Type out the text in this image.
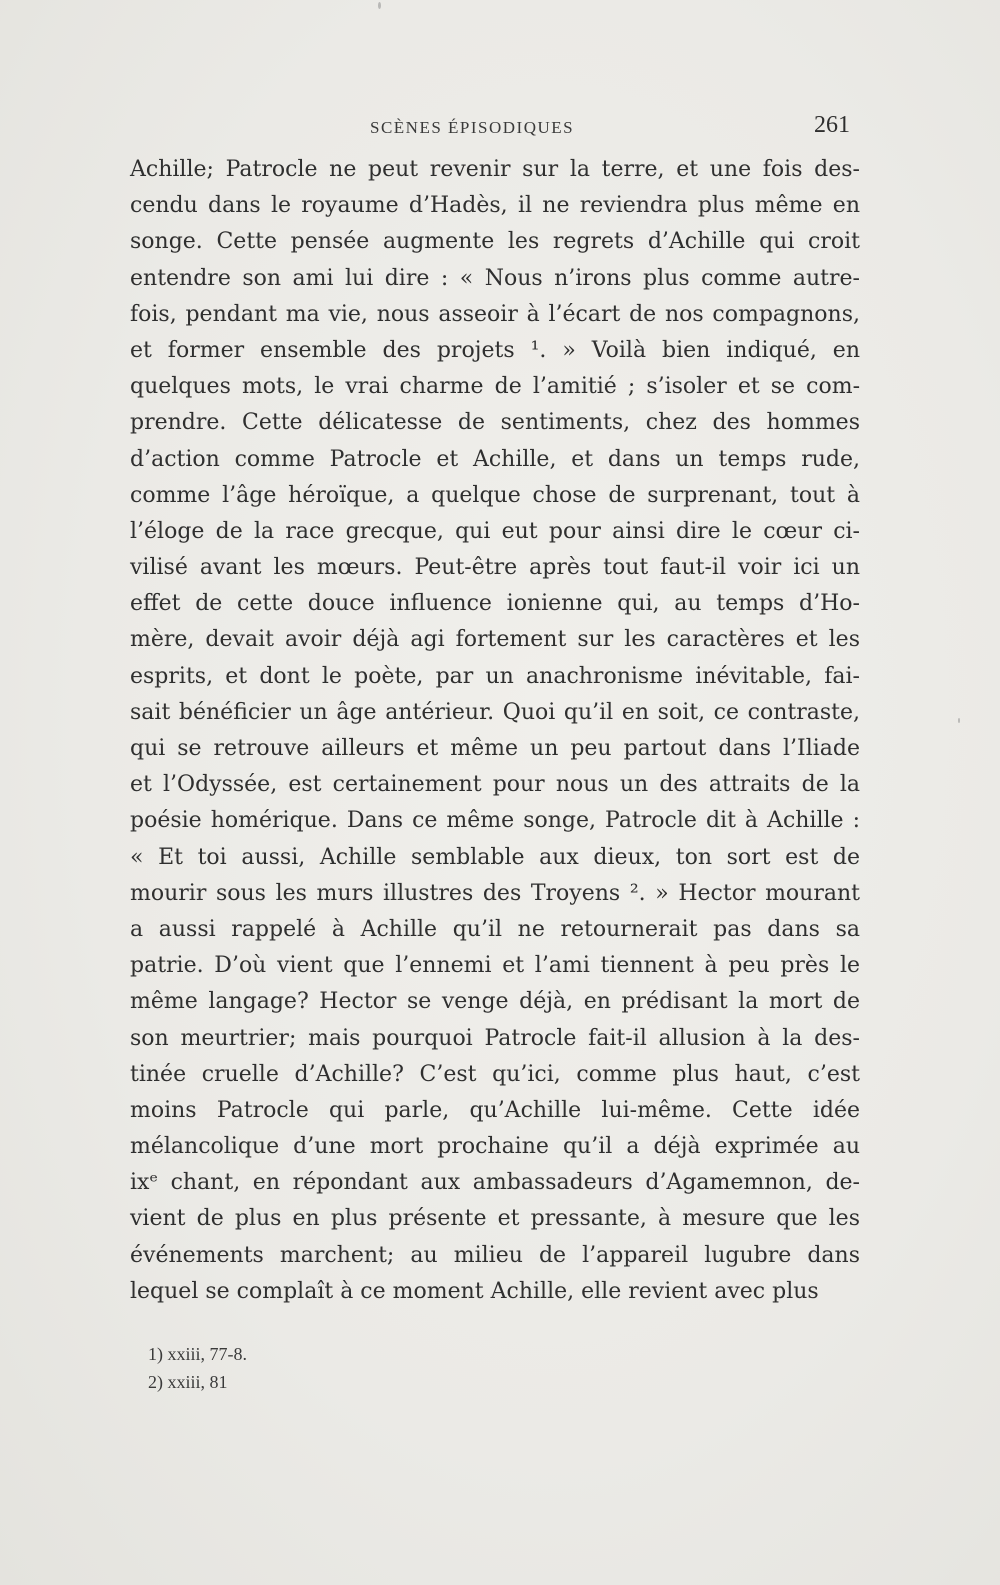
SCÈNES ÉPISODIQUES	261
Achille; Patrocle ne peut revenir sur la terre, et une fois des-
cendu dans le royaume d’Hadès, il ne reviendra plus même en
songe. Cette pensée augmente les regrets d’Achille qui croit
entendre son ami lui dire : « Nous n’irons plus comme autre-
fois, pendant ma vie, nous asseoir à l’écart de nos compagnons,
et former ensemble des projets ¹. » Voilà bien indiqué, en
quelques mots, le vrai charme de l’amitié ; s’isoler et se com-
prendre. Cette délicatesse de sentiments, chez des hommes
d’action comme Patrocle et Achille, et dans un temps rude,
comme l’âge héroïque, a quelque chose de surprenant, tout à
l’éloge de la race grecque, qui eut pour ainsi dire le cœur ci-
vilisé avant les mœurs. Peut-être après tout faut-il voir ici un
effet de cette douce influence ionienne qui, au temps d’Ho-
mère, devait avoir déjà agi fortement sur les caractères et les
esprits, et dont le poète, par un anachronisme inévitable, fai-
sait bénéficier un âge antérieur. Quoi qu’il en soit, ce contraste,
qui se retrouve ailleurs et même un peu partout dans l’Iliade
et l’Odyssée, est certainement pour nous un des attraits de la
poésie homérique. Dans ce même songe, Patrocle dit à Achille :
« Et toi aussi, Achille semblable aux dieux, ton sort est de
mourir sous les murs illustres des Troyens ². » Hector mourant
a aussi rappelé à Achille qu’il ne retournerait pas dans sa
patrie. D’où vient que l’ennemi et l’ami tiennent à peu près le
même langage? Hector se venge déjà, en prédisant la mort de
son meurtrier; mais pourquoi Patrocle fait-il allusion à la des-
tinée cruelle d’Achille? C’est qu’ici, comme plus haut, c’est
moins Patrocle qui parle, qu’Achille lui-même. Cette idée
mélancolique d’une mort prochaine qu’il a déjà exprimée au
ixᵉ chant, en répondant aux ambassadeurs d’Agamemnon, de-
vient de plus en plus présente et pressante, à mesure que les
événements marchent; au milieu de l’appareil lugubre dans
lequel se complaît à ce moment Achille, elle revient avec plus
1) xxiii, 77-8.
2) xxiii, 81
